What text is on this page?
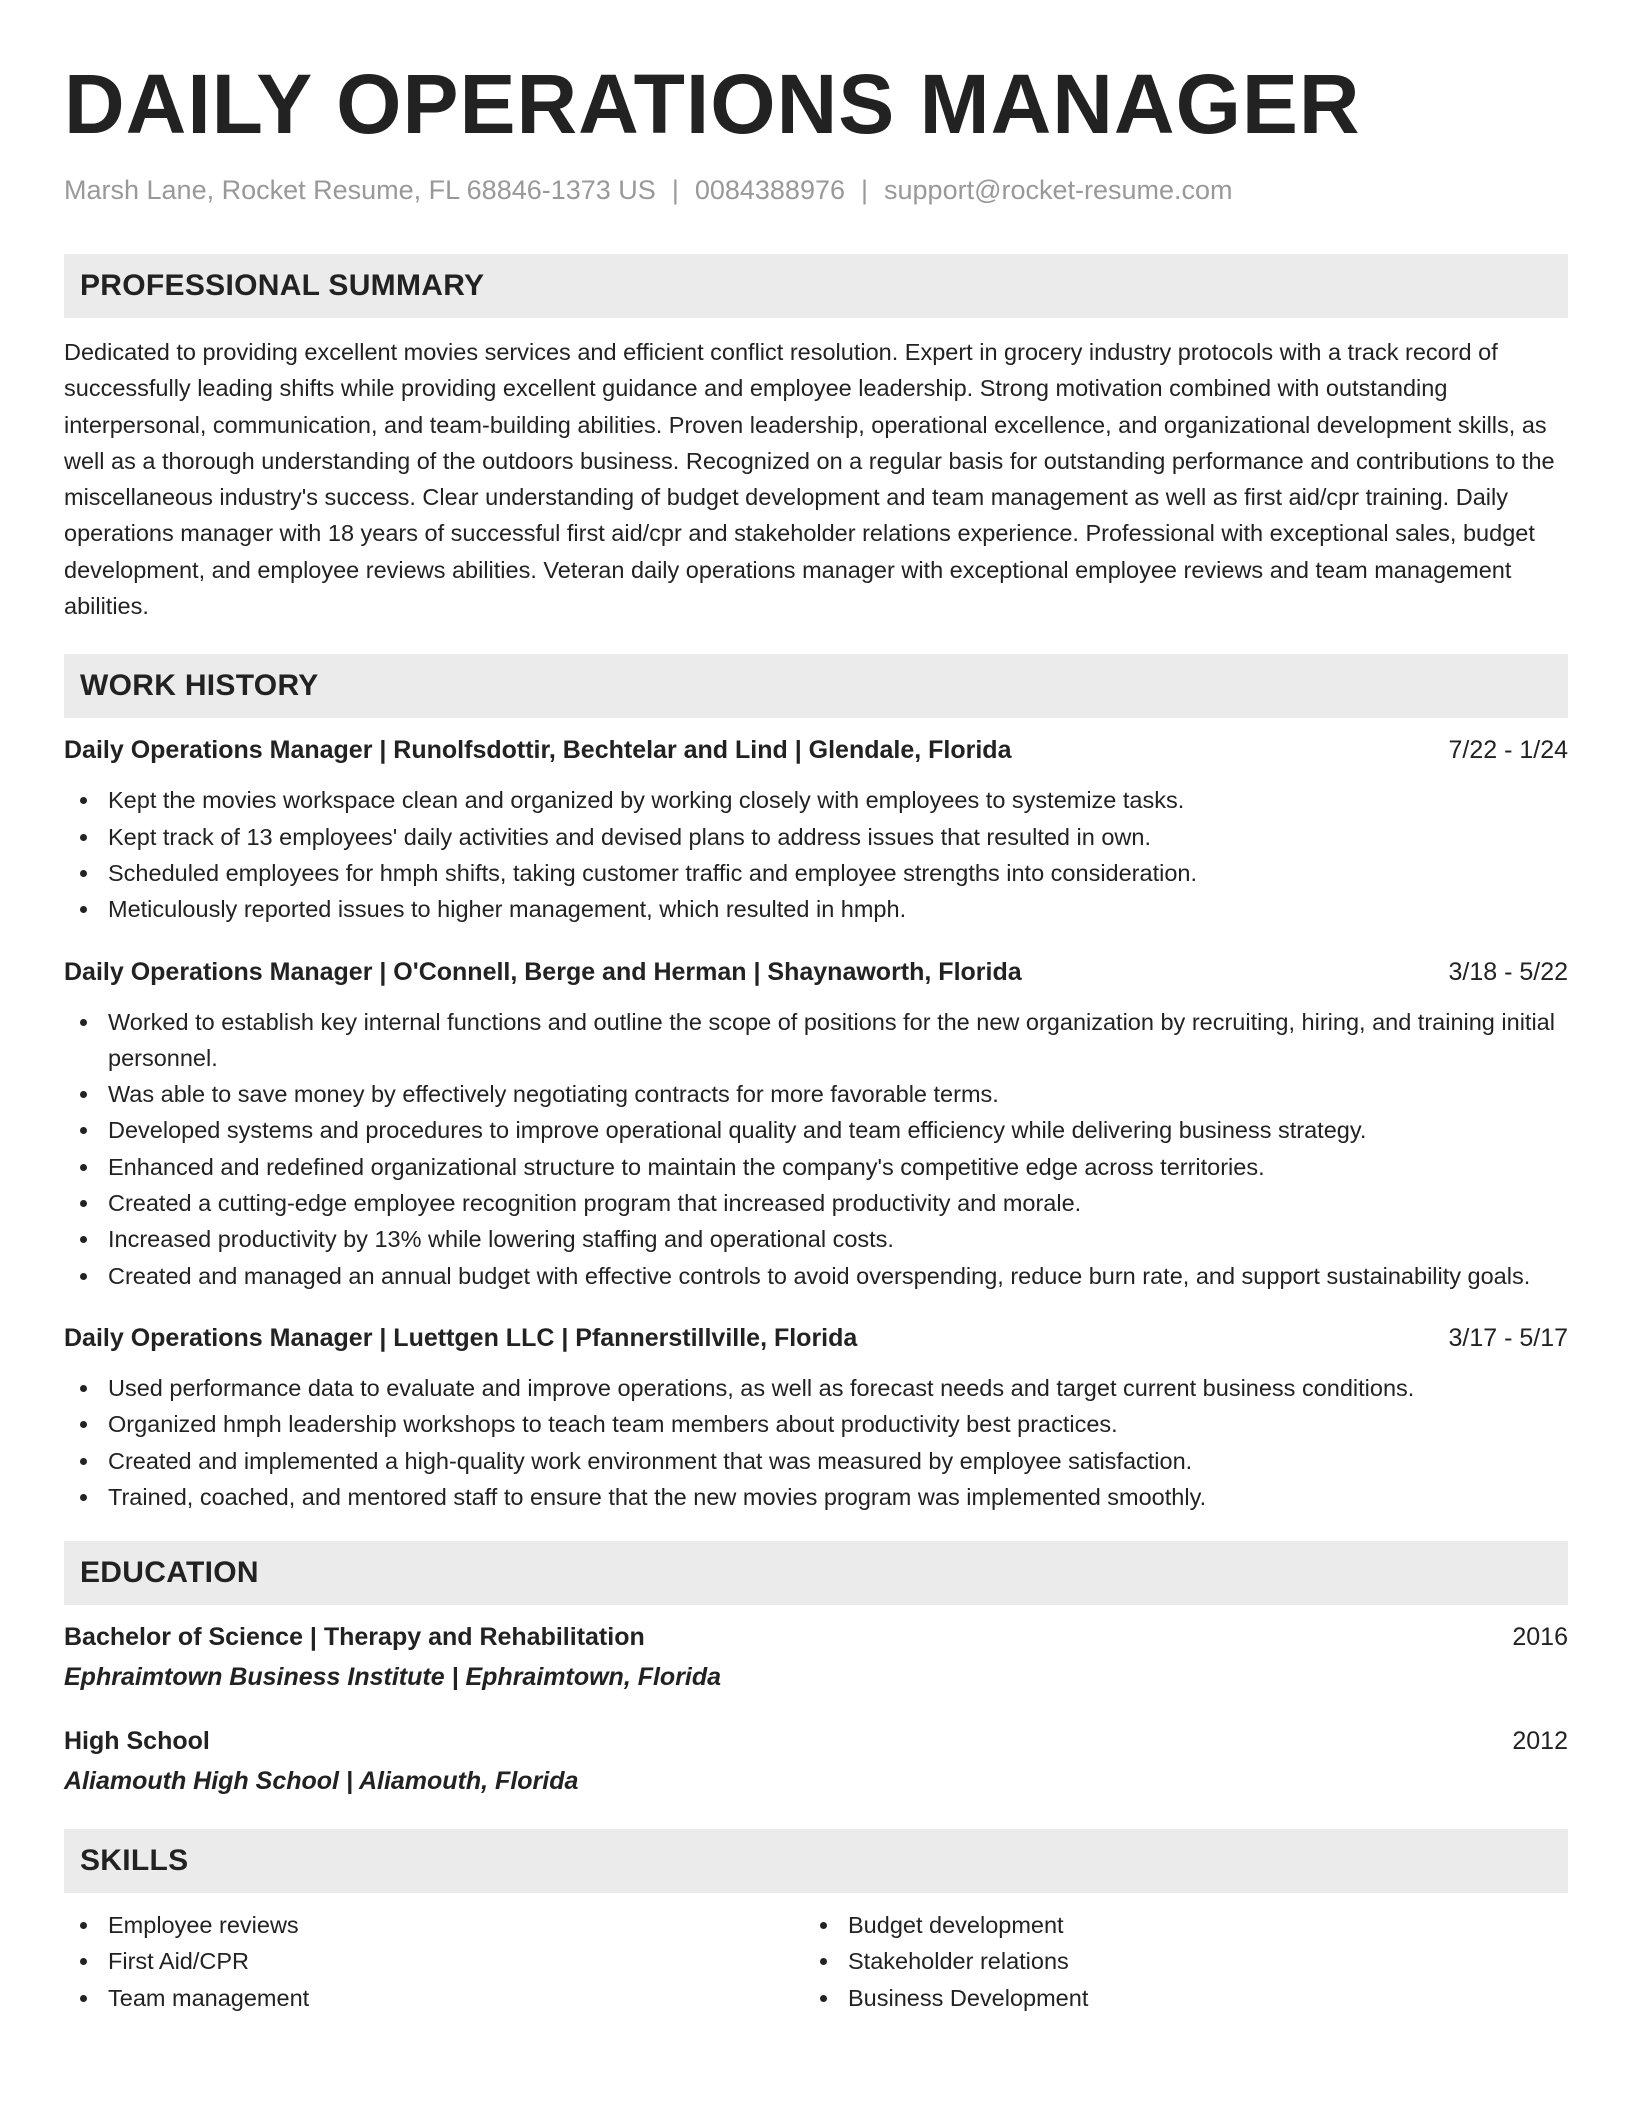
DAILY OPERATIONS MANAGER
Marsh Lane, Rocket Resume, FL 68846-1373 US | 0084388976 | support@rocket-resume.com
PROFESSIONAL SUMMARY
Dedicated to providing excellent movies services and efficient conflict resolution. Expert in grocery industry protocols with a track record of successfully leading shifts while providing excellent guidance and employee leadership. Strong motivation combined with outstanding interpersonal, communication, and team-building abilities. Proven leadership, operational excellence, and organizational development skills, as well as a thorough understanding of the outdoors business. Recognized on a regular basis for outstanding performance and contributions to the miscellaneous industry's success. Clear understanding of budget development and team management as well as first aid/cpr training. Daily operations manager with 18 years of successful first aid/cpr and stakeholder relations experience. Professional with exceptional sales, budget development, and employee reviews abilities. Veteran daily operations manager with exceptional employee reviews and team management abilities.
WORK HISTORY
Daily Operations Manager | Runolfsdottir, Bechtelar and Lind | Glendale, Florida	7/22 - 1/24
Kept the movies workspace clean and organized by working closely with employees to systemize tasks.
Kept track of 13 employees' daily activities and devised plans to address issues that resulted in own.
Scheduled employees for hmph shifts, taking customer traffic and employee strengths into consideration.
Meticulously reported issues to higher management, which resulted in hmph.
Daily Operations Manager | O'Connell, Berge and Herman | Shaynaworth, Florida	3/18 - 5/22
Worked to establish key internal functions and outline the scope of positions for the new organization by recruiting, hiring, and training initial personnel.
Was able to save money by effectively negotiating contracts for more favorable terms.
Developed systems and procedures to improve operational quality and team efficiency while delivering business strategy.
Enhanced and redefined organizational structure to maintain the company's competitive edge across territories.
Created a cutting-edge employee recognition program that increased productivity and morale.
Increased productivity by 13% while lowering staffing and operational costs.
Created and managed an annual budget with effective controls to avoid overspending, reduce burn rate, and support sustainability goals.
Daily Operations Manager | Luettgen LLC | Pfannerstillville, Florida	3/17 - 5/17
Used performance data to evaluate and improve operations, as well as forecast needs and target current business conditions.
Organized hmph leadership workshops to teach team members about productivity best practices.
Created and implemented a high-quality work environment that was measured by employee satisfaction.
Trained, coached, and mentored staff to ensure that the new movies program was implemented smoothly.
EDUCATION
Bachelor of Science | Therapy and Rehabilitation	2016
Ephraimtown Business Institute | Ephraimtown, Florida
High School	2012
Aliamouth High School | Aliamouth, Florida
SKILLS
Employee reviews
First Aid/CPR
Team management
Budget development
Stakeholder relations
Business Development
